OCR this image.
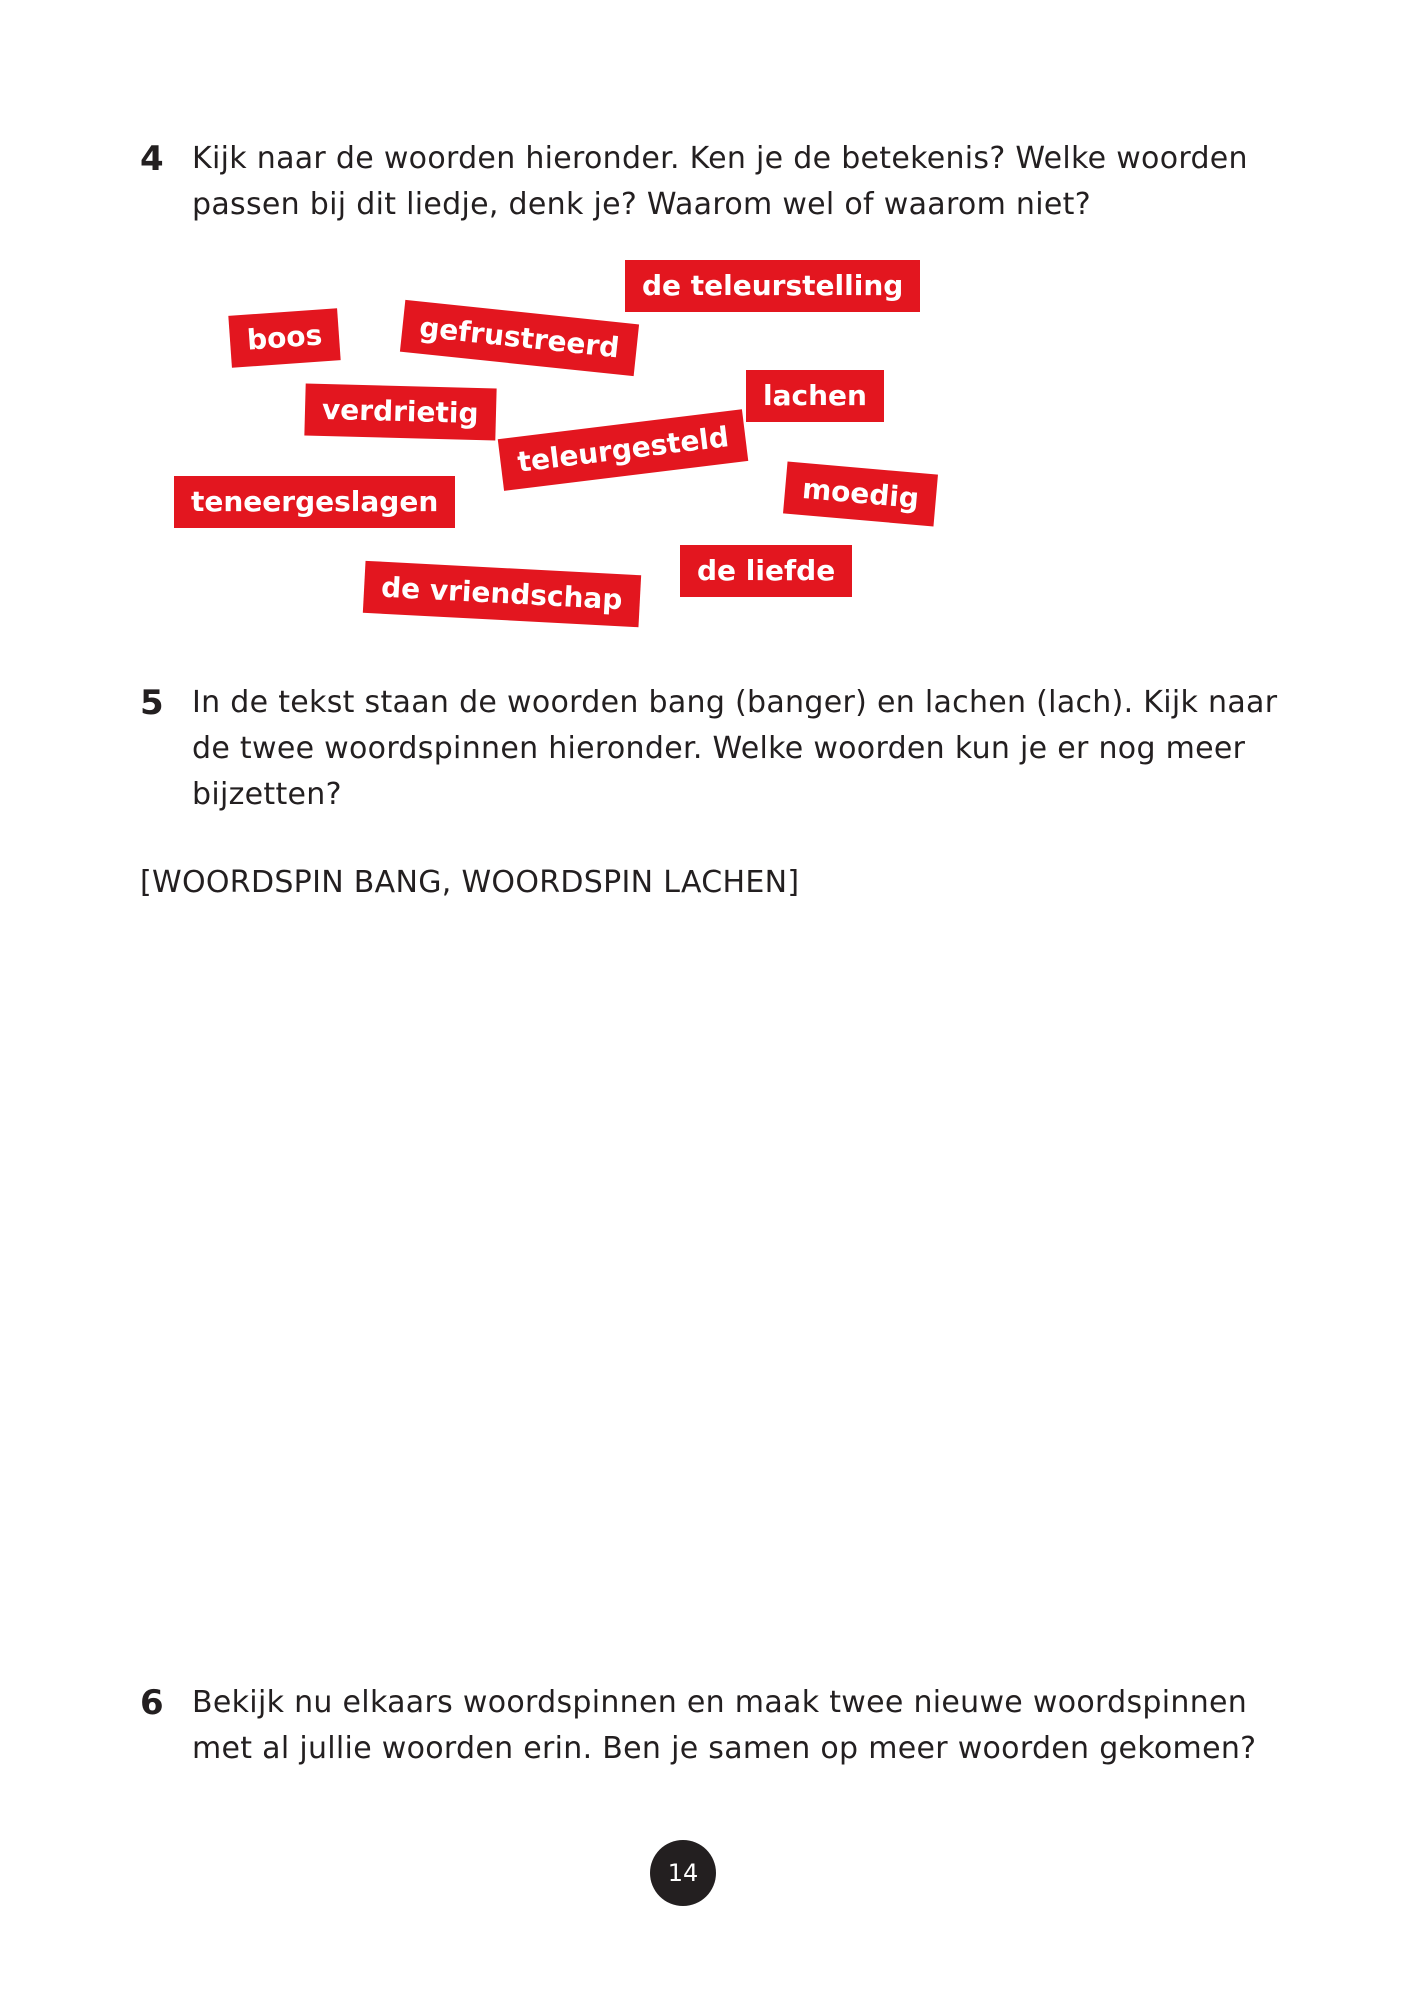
4 Kijk naar de woorden hieronder. Ken je de betekenis? Welke woorden passen bij dit liedje, denk je? Waarom wel of waarom niet?
de teleurstelling
boos	gefrustreerd
lachen
verdrietig
teleurgesteld
teneergeslagen	moedig
de liefde
de vriendschap
5 In de tekst staan de woorden bang (banger) en lachen (lach). Kijk naar de twee woordspinnen hieronder. Welke woorden kun je er nog meer bijzetten?
[WOORDSPIN BANG, WOORDSPIN LACHEN]
6 Bekijk nu elkaars woordspinnen en maak twee nieuwe woordspinnen met al jullie woorden erin. Ben je samen op meer woorden gekomen?
14
